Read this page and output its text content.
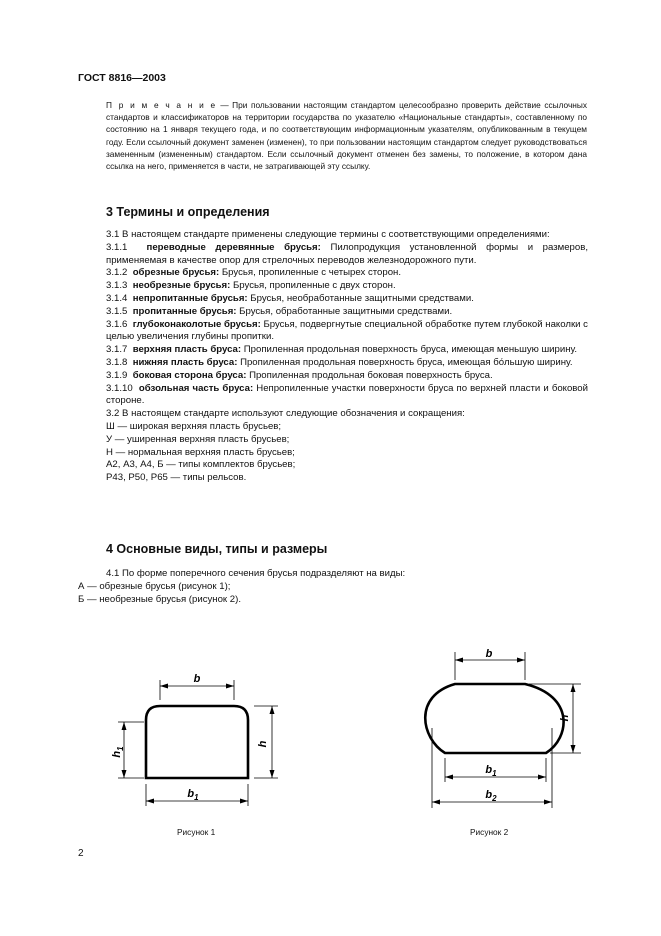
ГОСТ 8816—2003

П р и м е ч а н и е — При пользовании настоящим стандартом целесообразно проверить действие ссылочных стандартов и классификаторов на территории государства по указателю «Национальные стандарты», составленному по состоянию на 1 января текущего года, и по соответствующим информационным указателям, опубликованным в текущем году. Если ссылочный документ заменен (изменен), то при пользовании настоящим стандартом следует руководствоваться замененным (измененным) стандартом. Если ссылочный документ отменен без замены, то положение, в котором дана ссылка на него, применяется в части, не затрагивающей эту ссылку.

3 Термины и определения

3.1 В настоящем стандарте применены следующие термины с соответствующими определениями:

3.1.1 переводные деревянные брусья: Пилопродукция установленной формы и размеров, применяемая в качестве опор для стрелочных переводов железнодорожного пути.

3.1.2 обрезные брусья: Брусья, пропиленные с четырех сторон.

3.1.3 необрезные брусья: Брусья, пропиленные с двух сторон.

3.1.4 непропитанные брусья: Брусья, необработанные защитными средствами.

3.1.5 пропитанные брусья: Брусья, обработанные защитными средствами.

3.1.6 глубоконаколотые брусья: Брусья, подвергнутые специальной обработке путем глубокой наколки с целью увеличения глубины пропитки.

3.1.7 верхняя пласть бруса: Пропиленная продольная поверхность бруса, имеющая меньшую ширину.

3.1.8 нижняя пласть бруса: Пропиленная продольная поверхность бруса, имеющая бо́льшую ширину.

3.1.9 боковая сторона бруса: Пропиленная продольная боковая поверхность бруса.

3.1.10 обзольная часть бруса: Непропиленные участки поверхности бруса по верхней пласти и боковой стороне.

3.2 В настоящем стандарте используют следующие обозначения и сокращения:

Ш — широкая верхняя пласть брусьев;

У — уширенная верхняя пласть брусьев;

Н — нормальная верхняя пласть брусьев;

А2, А3, А4, Б — типы комплектов брусьев;

Р43, Р50, Р65 — типы рельсов.

4 Основные виды, типы и размеры

4.1 По форме поперечного сечения брусья подразделяют на виды:

А — обрезные брусья (рисунок 1);

Б — необрезные брусья (рисунок 2).

b
$b_1$
h
$h_1$
b
$b_1$
$b_2$
h
Рисунок 1	Рисунок 2
2
